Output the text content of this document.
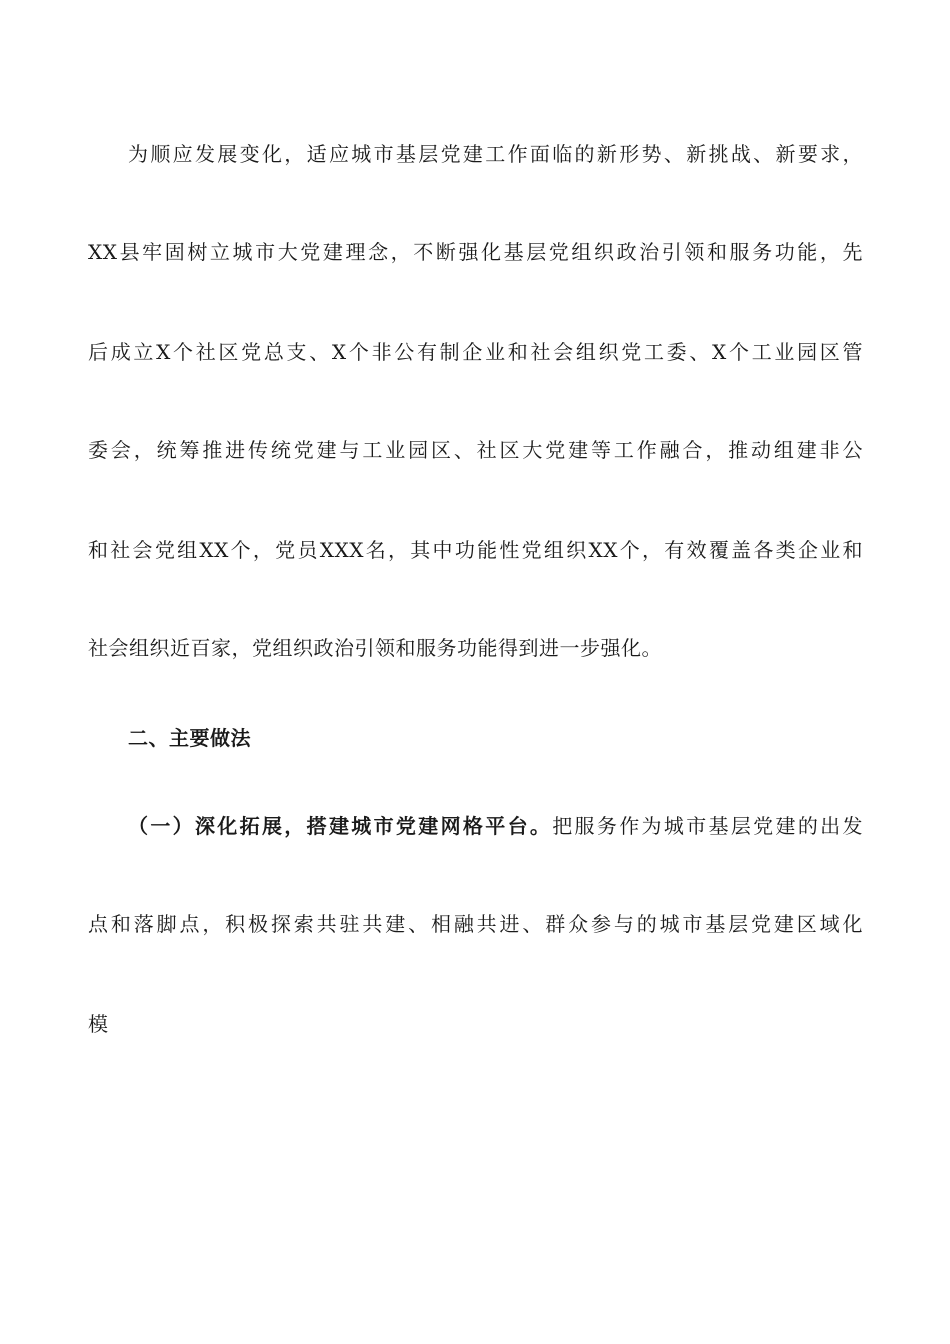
为顺应发展变化，适应城市基层党建工作面临的新形势、新挑战、新要求，
XX县牢固树立城市大党建理念，不断强化基层党组织政治引领和服务功能，先
后成立X个社区党总支、X个非公有制企业和社会组织党工委、X个工业园区管
委会，统筹推进传统党建与工业园区、社区大党建等工作融合，推动组建非公
和社会党组XX个，党员XXX名，其中功能性党组织XX个，有效覆盖各类企业和
社会组织近百家，党组织政治引领和服务功能得到进一步强化。
二、主要做法
（一）深化拓展，搭建城市党建网格平台。把服务作为城市基层党建的出发
点和落脚点，积极探索共驻共建、相融共进、群众参与的城市基层党建区域化
模
